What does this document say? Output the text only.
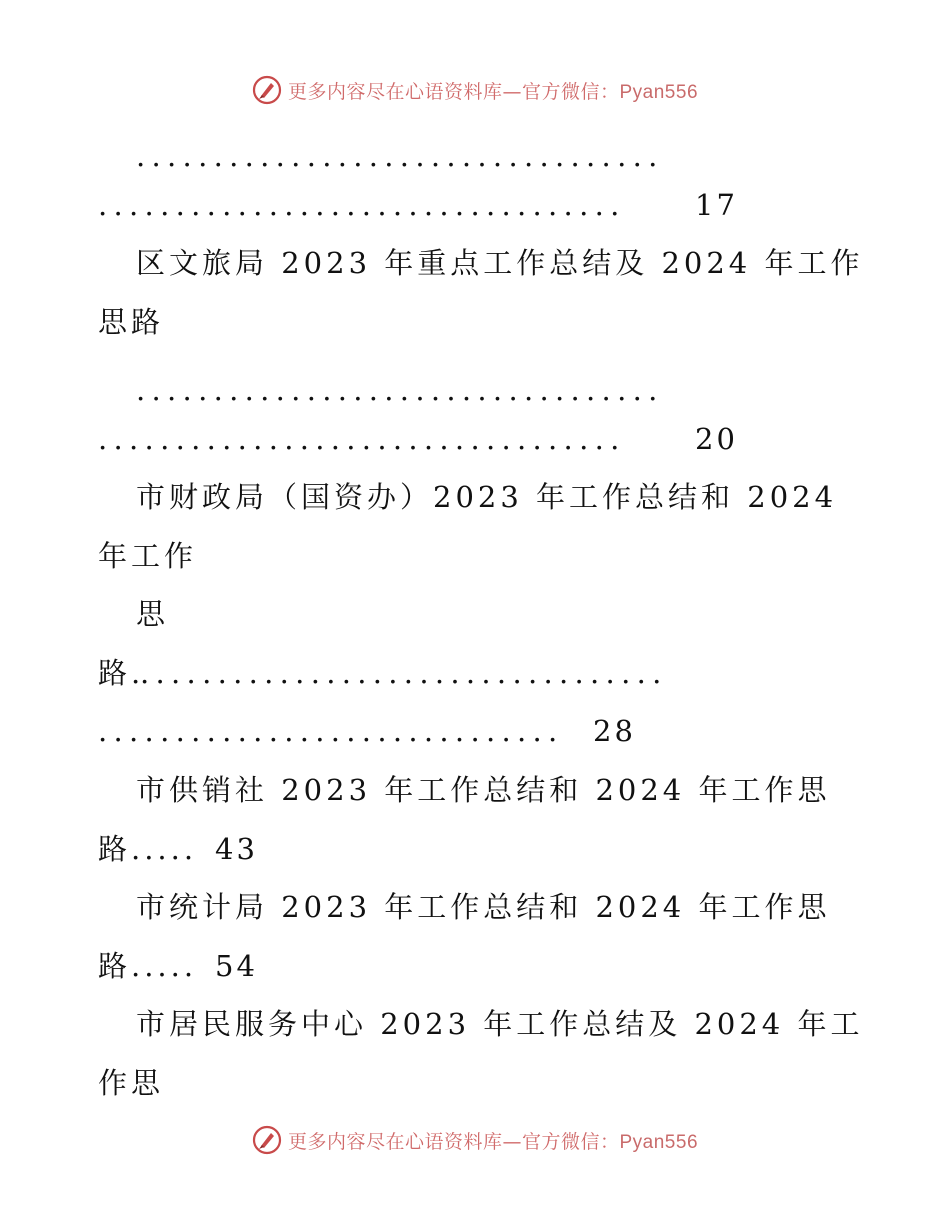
更多内容尽在心语资料库—官方微信：Pyan556
..................................
..................................	17
区文旅局 2023 年重点工作总结及 2024 年工作
思路
..................................
..................................	20
市财政局（国资办）2023 年工作总结和 2024
年工作
思
路.
..................................
..............................	28
市供销社 2023 年工作总结和 2024 年工作思
路..... 43
市统计局 2023 年工作总结和 2024 年工作思
路..... 54
市居民服务中心 2023 年工作总结及 2024 年工
作思
更多内容尽在心语资料库—官方微信：Pyan556
